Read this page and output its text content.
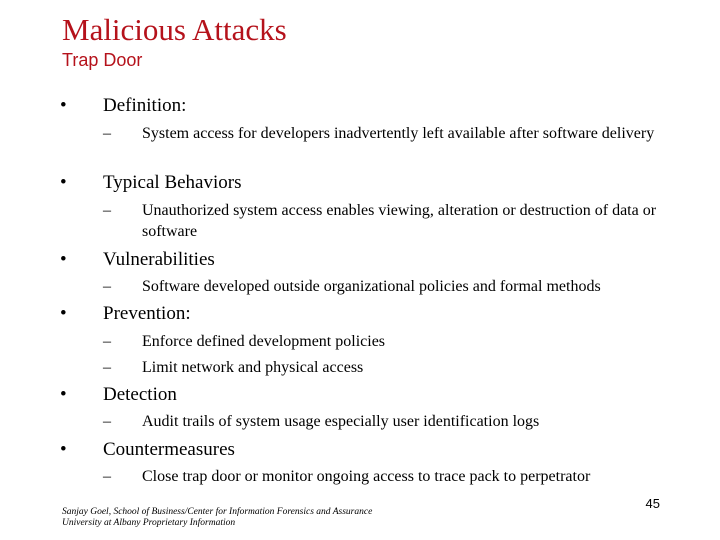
Malicious Attacks
Trap Door
• Definition:
– System access for developers inadvertently left available after software delivery
• Typical Behaviors
– Unauthorized system access enables viewing, alteration or destruction of data or software
• Vulnerabilities
– Software developed outside organizational policies and formal methods
• Prevention:
– Enforce defined development policies
– Limit network and physical access
• Detection
– Audit trails of system usage especially user identification logs
• Countermeasures
– Close trap door or monitor ongoing access to trace pack to perpetrator
Sanjay Goel, School of Business/Center for Information Forensics and Assurance
University at Albany Proprietary Information
45
